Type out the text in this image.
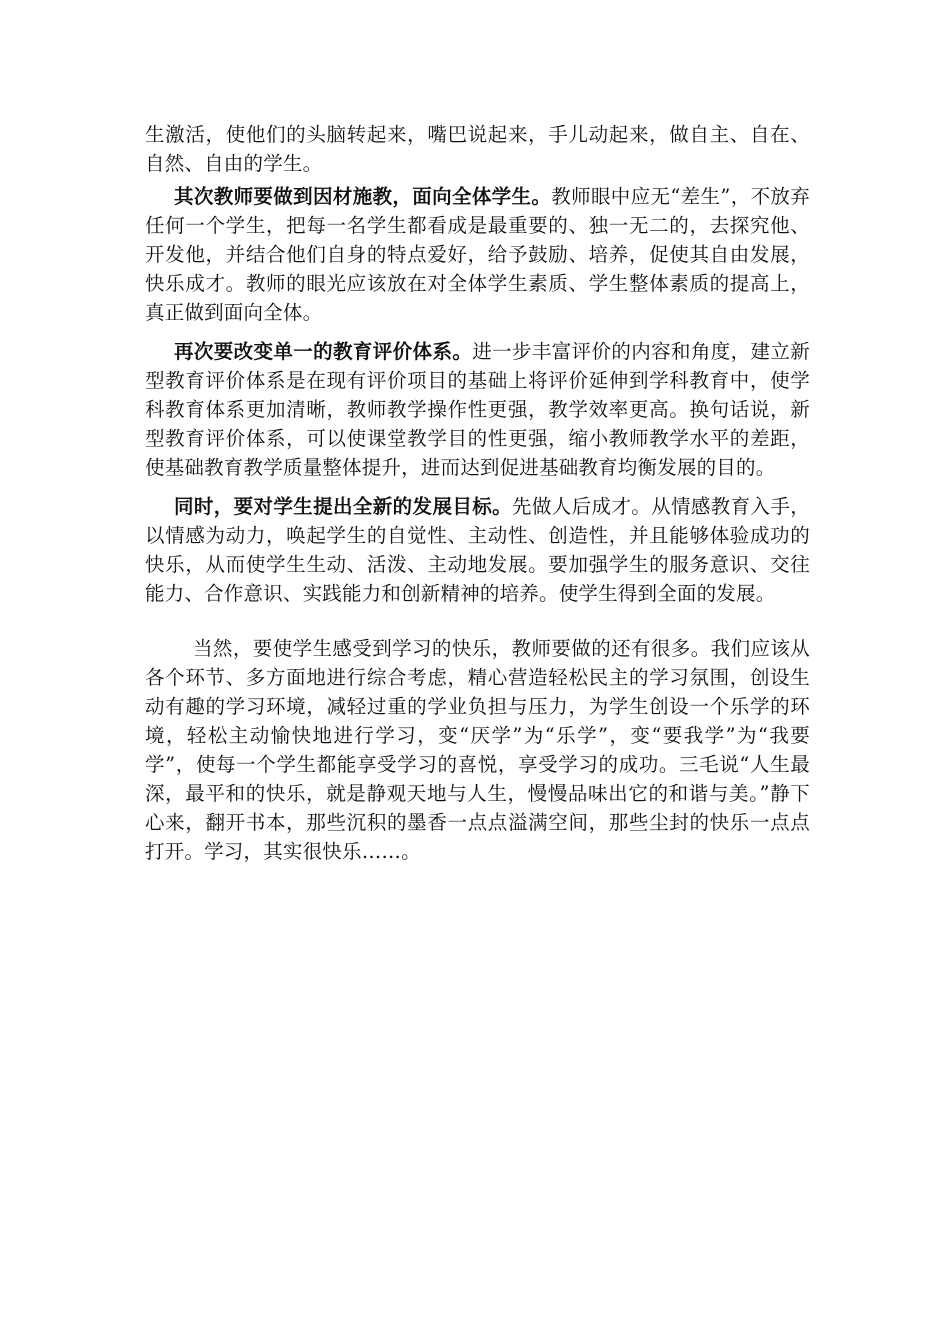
生激活，使他们的头脑转起来，嘴巴说起来，手儿动起来，做自主、自在、自然、自由的学生。

其次教师要做到因材施教，面向全体学生。教师眼中应无“差生”，不放弃任何一个学生，把每一名学生都看成是最重要的、独一无二的，去探究他、开发他，并结合他们自身的特点爱好，给予鼓励、培养，促使其自由发展，快乐成才。教师的眼光应该放在对全体学生素质、学生整体素质的提高上，真正做到面向全体。

再次要改变单一的教育评价体系。进一步丰富评价的内容和角度，建立新型教育评价体系是在现有评价项目的基础上将评价延伸到学科教育中，使学科教育体系更加清晰，教师教学操作性更强，教学效率更高。换句话说，新型教育评价体系，可以使课堂教学目的性更强，缩小教师教学水平的差距，使基础教育教学质量整体提升，进而达到促进基础教育均衡发展的目的。

同时，要对学生提出全新的发展目标。先做人后成才。从情感教育入手，以情感为动力，唤起学生的自觉性、主动性、创造性，并且能够体验成功的快乐，从而使学生生动、活泼、主动地发展。要加强学生的服务意识、交往能力、合作意识、实践能力和创新精神的培养。使学生得到全面的发展。

当然，要使学生感受到学习的快乐，教师要做的还有很多。我们应该从各个环节、多方面地进行综合考虑，精心营造轻松民主的学习氛围，创设生动有趣的学习环境，减轻过重的学业负担与压力，为学生创设一个乐学的环境，轻松主动愉快地进行学习，变“厌学”为“乐学”，变“要我学”为“我要学”，使每一个学生都能享受学习的喜悦，享受学习的成功。三毛说“人生最深，最平和的快乐，就是静观天地与人生，慢慢品味出它的和谐与美。”静下心来，翻开书本，那些沉积的墨香一点点溢满空间，那些尘封的快乐一点点打开。学习，其实很快乐……。
